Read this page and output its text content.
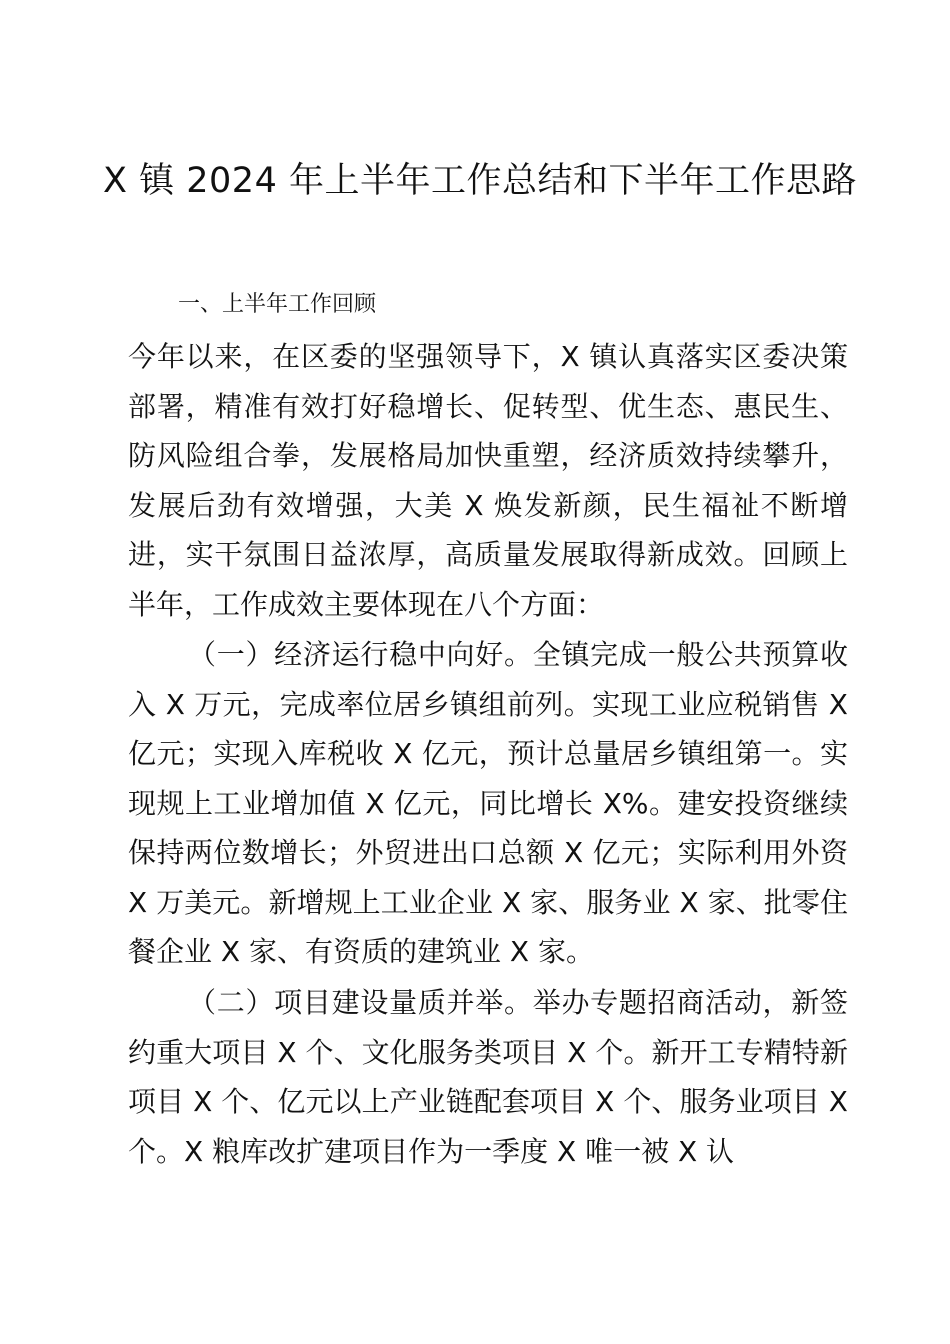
X 镇 2024 年上半年工作总结和下半年工作思路

一、上半年工作回顾

今年以来，在区委的坚强领导下，X 镇认真落实区委决策部署，精准有效打好稳增长、促转型、优生态、惠民生、防风险组合拳，发展格局加快重塑，经济质效持续攀升，发展后劲有效增强，大美 X 焕发新颜，民生福祉不断增进，实干氛围日益浓厚，高质量发展取得新成效。回顾上半年，工作成效主要体现在八个方面：

（一）经济运行稳中向好。全镇完成一般公共预算收入 X 万元，完成率位居乡镇组前列。实现工业应税销售 X 亿元；实现入库税收 X 亿元，预计总量居乡镇组第一。实现规上工业增加值 X 亿元，同比增长 X%。建安投资继续保持两位数增长；外贸进出口总额 X 亿元；实际利用外资 X 万美元。新增规上工业企业 X 家、服务业 X 家、批零住餐企业 X 家、有资质的建筑业 X 家。

（二）项目建设量质并举。举办专题招商活动，新签约重大项目 X 个、文化服务类项目 X 个。新开工专精特新项目 X 个、亿元以上产业链配套项目 X 个、服务业项目 X 个。X 粮库改扩建项目作为一季度 X 唯一被 X 认
